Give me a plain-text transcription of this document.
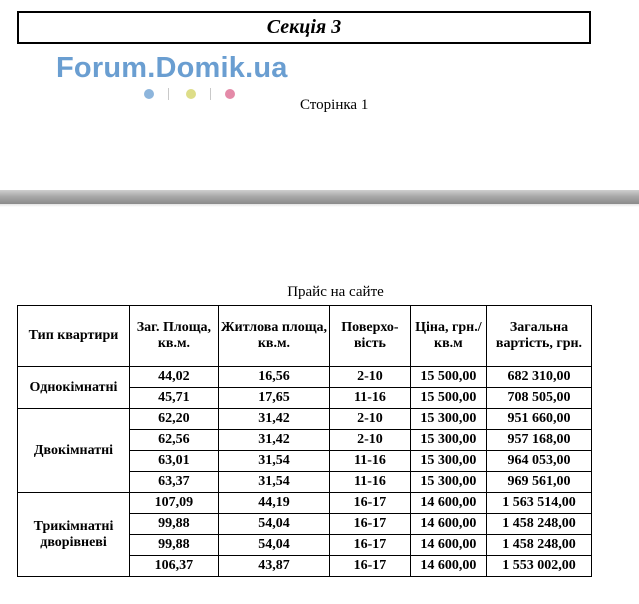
Секція 3
Forum.Domik.ua
Сторінка 1
Прайс на сайте
Тип квартири	Заг. Площа, кв.м.	Житлова площа, кв.м.	Поверхо-вість	Ціна, грн./кв.м	Загальна вартість, грн.
Однокімнатні	44,02	16,56	2-10	15 500,00	682 310,00
	45,71	17,65	11-16	15 500,00	708 505,00
Двокімнатні	62,20	31,42	2-10	15 300,00	951 660,00
	62,56	31,42	2-10	15 300,00	957 168,00
	63,01	31,54	11-16	15 300,00	964 053,00
	63,37	31,54	11-16	15 300,00	969 561,00
Трикімнатні дворівневі	107,09	44,19	16-17	14 600,00	1 563 514,00
	99,88	54,04	16-17	14 600,00	1 458 248,00
	99,88	54,04	16-17	14 600,00	1 458 248,00
	106,37	43,87	16-17	14 600,00	1 553 002,00
